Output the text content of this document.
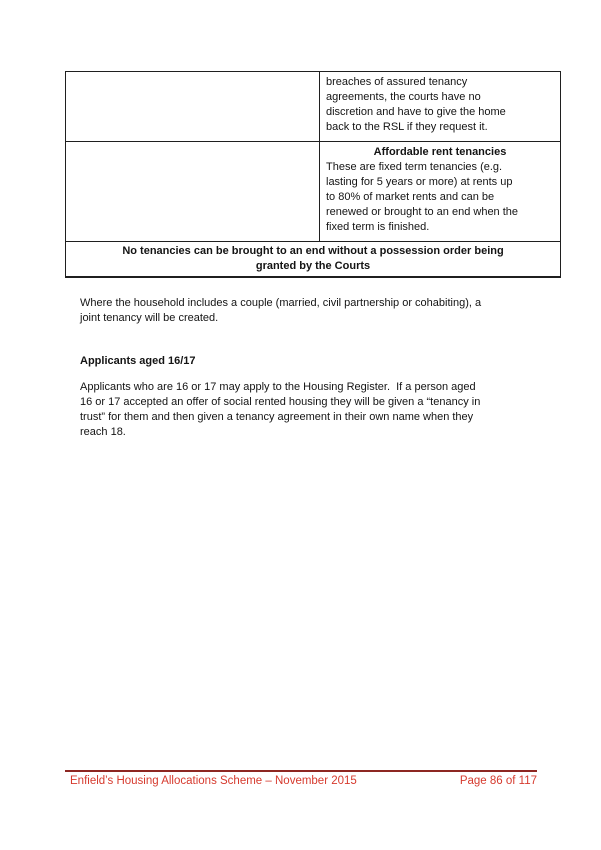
	breaches of assured tenancy
agreements, the courts have no
discretion and have to give the home
back to the RSL if they request it.

Affordable rent tenancies
These are fixed term tenancies (e.g.
lasting for 5 years or more) at rents up
to 80% of market rents and can be
renewed or brought to an end when the
fixed term is finished.

No tenancies can be brought to an end without a possession order being
granted by the Courts	
Where the household includes a couple (married, civil partnership or cohabiting), a
joint tenancy will be created.
Applicants aged 16/17
Applicants who are 16 or 17 may apply to the Housing Register.  If a person aged
16 or 17 accepted an offer of social rented housing they will be given a “tenancy in
trust” for them and then given a tenancy agreement in their own name when they
reach 18.
Enfield’s Housing Allocations Scheme – November 2015	Page 86 of 117
